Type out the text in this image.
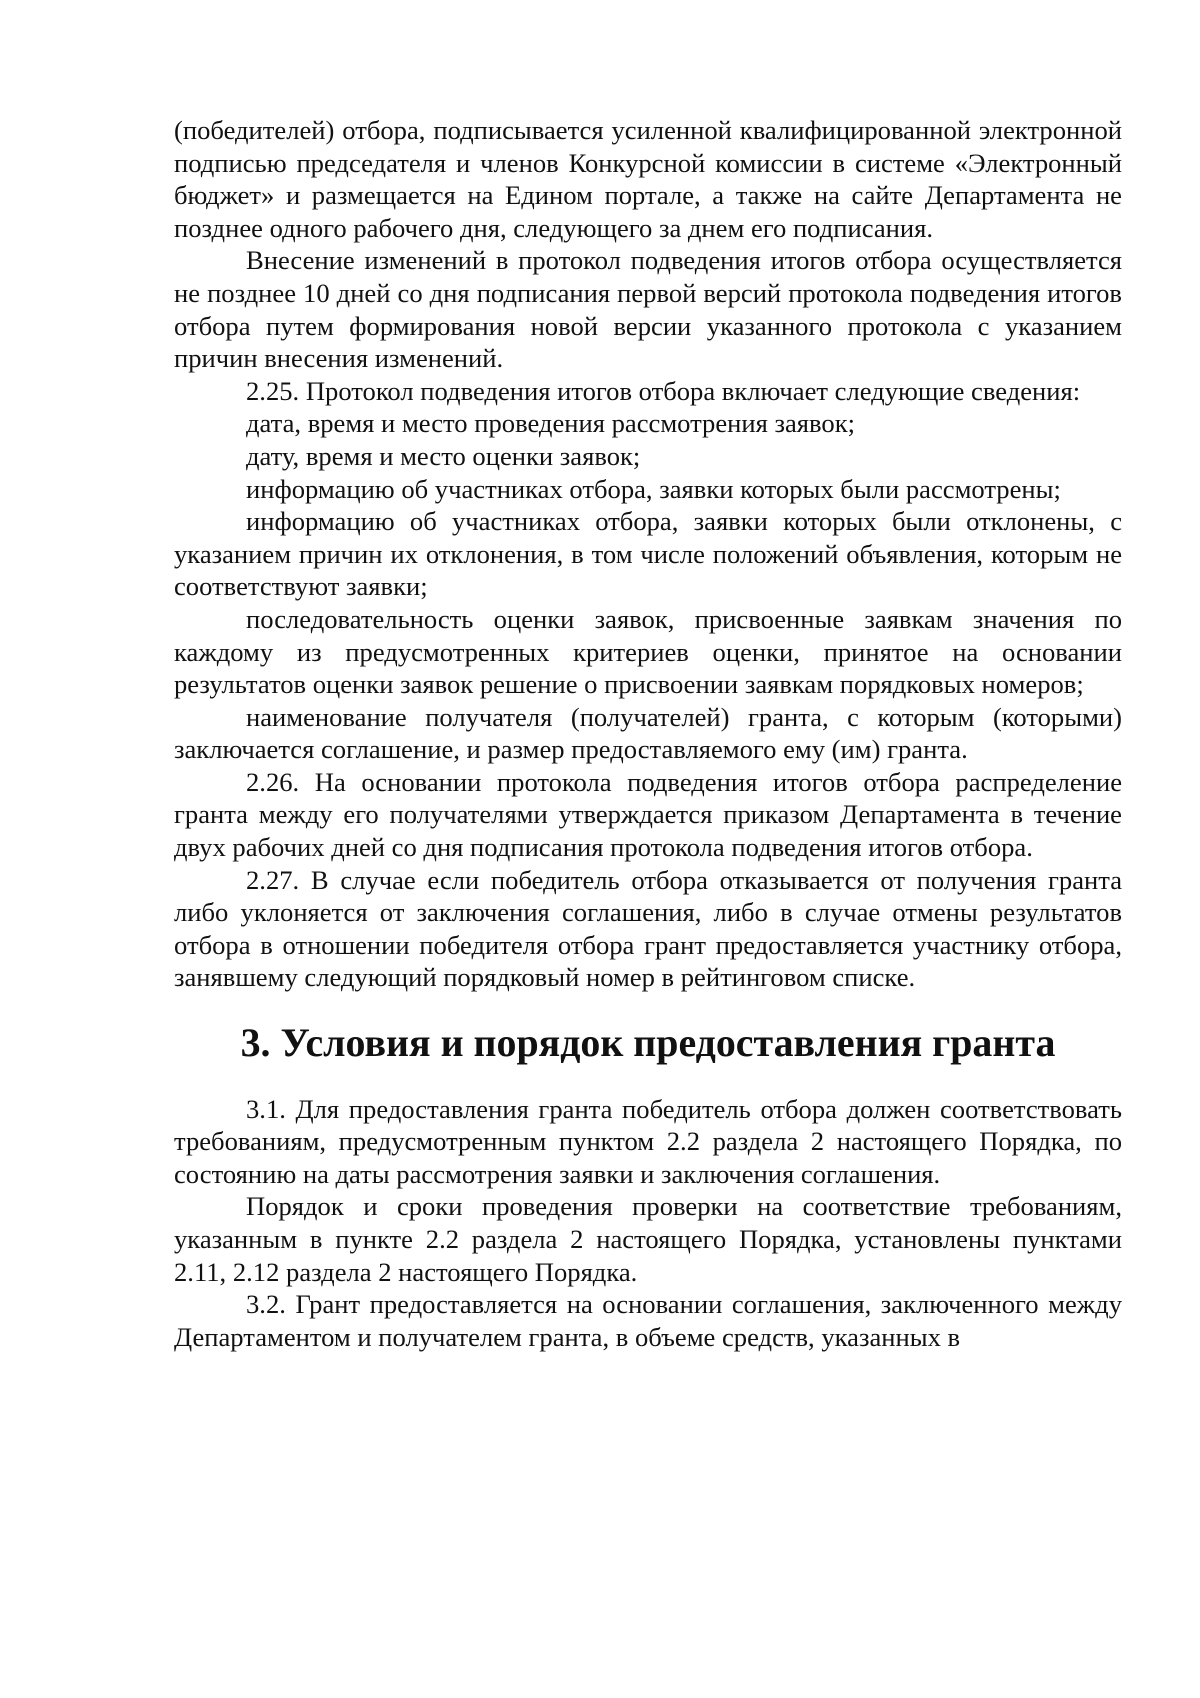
(победителей) отбора, подписывается усиленной квалифицированной электронной подписью председателя и членов Конкурсной комиссии в системе «Электронный бюджет» и размещается на Едином портале, а также на сайте Департамента не позднее одного рабочего дня, следующего за днем его подписания.

Внесение изменений в протокол подведения итогов отбора осуществляется не позднее 10 дней со дня подписания первой версий протокола подведения итогов отбора путем формирования новой версии указанного протокола с указанием причин внесения изменений.

2.25. Протокол подведения итогов отбора включает следующие сведения:

дата, время и место проведения рассмотрения заявок;

дату, время и место оценки заявок;

информацию об участниках отбора, заявки которых были рассмотрены;

информацию об участниках отбора, заявки которых были отклонены, с указанием причин их отклонения, в том числе положений объявления, которым не соответствуют заявки;

последовательность оценки заявок, присвоенные заявкам значения по каждому из предусмотренных критериев оценки, принятое на основании результатов оценки заявок решение о присвоении заявкам порядковых номеров;

наименование получателя (получателей) гранта, с которым (которыми) заключается соглашение, и размер предоставляемого ему (им) гранта.

2.26. На основании протокола подведения итогов отбора распределение гранта между его получателями утверждается приказом Департамента в течение двух рабочих дней со дня подписания протокола подведения итогов отбора.

2.27. В случае если победитель отбора отказывается от получения гранта либо уклоняется от заключения соглашения, либо в случае отмены результатов отбора в отношении победителя отбора грант предоставляется участнику отбора, занявшему следующий порядковый номер в рейтинговом списке.

3. Условия и порядок предоставления гранта

3.1. Для предоставления гранта победитель отбора должен соответствовать требованиям, предусмотренным пунктом 2.2 раздела 2 настоящего Порядка, по состоянию на даты рассмотрения заявки и заключения соглашения.

Порядок и сроки проведения проверки на соответствие требованиям, указанным в пункте 2.2 раздела 2 настоящего Порядка, установлены пунктами 2.11, 2.12 раздела 2 настоящего Порядка.

3.2. Грант предоставляется на основании соглашения, заключенного между Департаментом и получателем гранта, в объеме средств, указанных в
